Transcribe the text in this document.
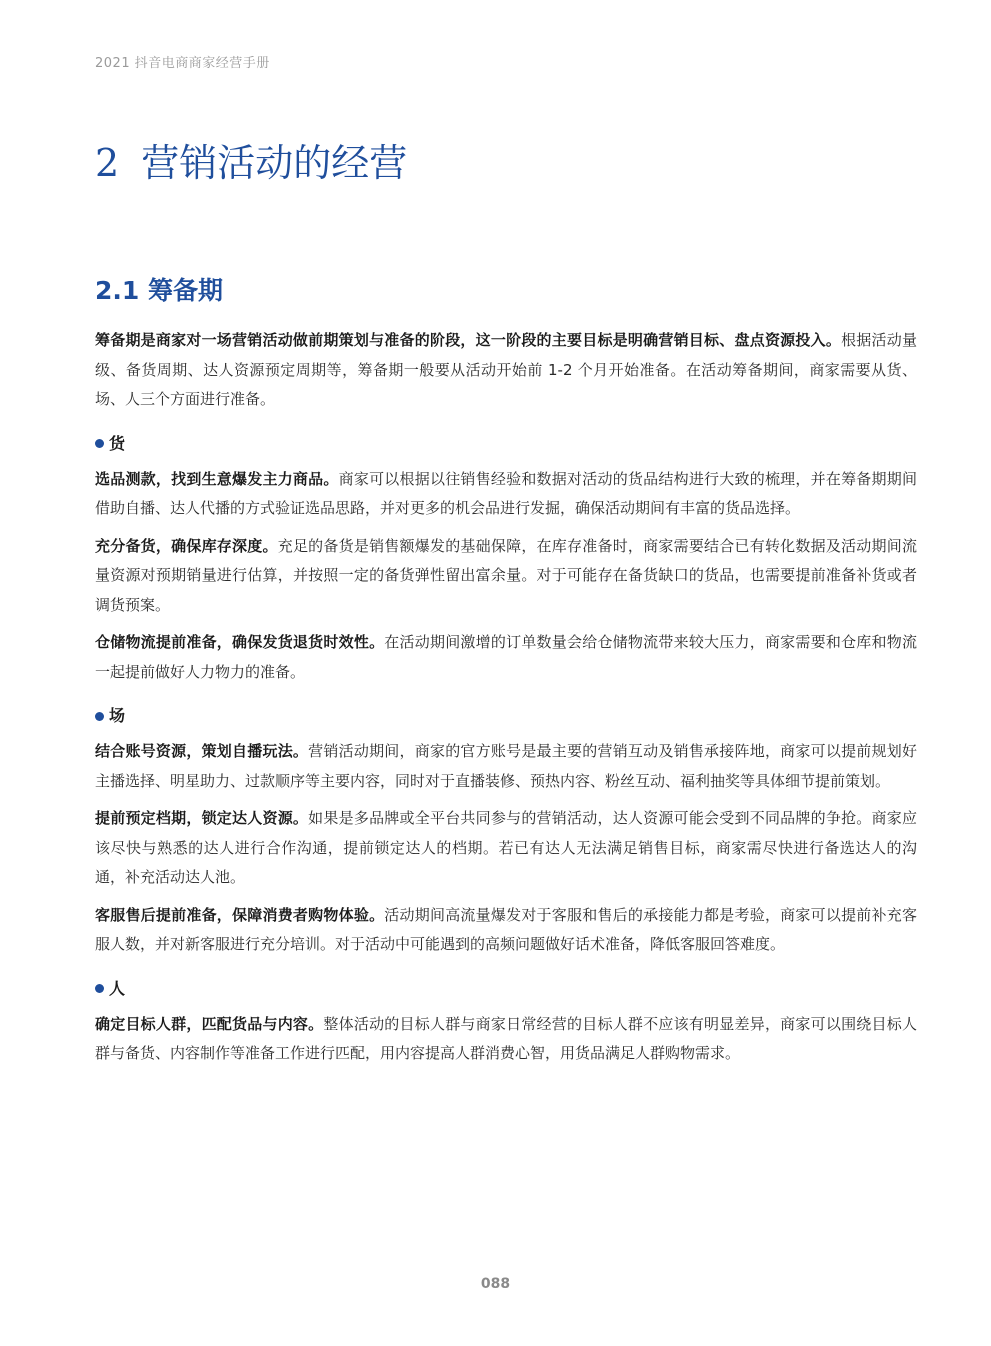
2021 抖音电商商家经营手册
2 营销活动的经营
2.1 筹备期

筹备期是商家对一场营销活动做前期策划与准备的阶段，这一阶段的主要目标是明确营销目标、盘点资源投入。根据活动量级、备货周期、达人资源预定周期等，筹备期一般要从活动开始前 1-2 个月开始准备。在活动筹备期间，商家需要从货、场、人三个方面进行准备。

货

选品测款，找到生意爆发主力商品。商家可以根据以往销售经验和数据对活动的货品结构进行大致的梳理，并在筹备期期间借助自播、达人代播的方式验证选品思路，并对更多的机会品进行发掘，确保活动期间有丰富的货品选择。

充分备货，确保库存深度。充足的备货是销售额爆发的基础保障，在库存准备时，商家需要结合已有转化数据及活动期间流量资源对预期销量进行估算，并按照一定的备货弹性留出富余量。对于可能存在备货缺口的货品，也需要提前准备补货或者调货预案。

仓储物流提前准备，确保发货退货时效性。在活动期间激增的订单数量会给仓储物流带来较大压力，商家需要和仓库和物流一起提前做好人力物力的准备。

场

结合账号资源，策划自播玩法。营销活动期间，商家的官方账号是最主要的营销互动及销售承接阵地，商家可以提前规划好主播选择、明星助力、过款顺序等主要内容，同时对于直播装修、预热内容、粉丝互动、福利抽奖等具体细节提前策划。

提前预定档期，锁定达人资源。如果是多品牌或全平台共同参与的营销活动，达人资源可能会受到不同品牌的争抢。商家应该尽快与熟悉的达人进行合作沟通，提前锁定达人的档期。若已有达人无法满足销售目标，商家需尽快进行备选达人的沟通，补充活动达人池。

客服售后提前准备，保障消费者购物体验。活动期间高流量爆发对于客服和售后的承接能力都是考验，商家可以提前补充客服人数，并对新客服进行充分培训。对于活动中可能遇到的高频问题做好话术准备，降低客服回答难度。

人

确定目标人群，匹配货品与内容。整体活动的目标人群与商家日常经营的目标人群不应该有明显差异，商家可以围绕目标人群与备货、内容制作等准备工作进行匹配，用内容提高人群消费心智，用货品满足人群购物需求。

088
